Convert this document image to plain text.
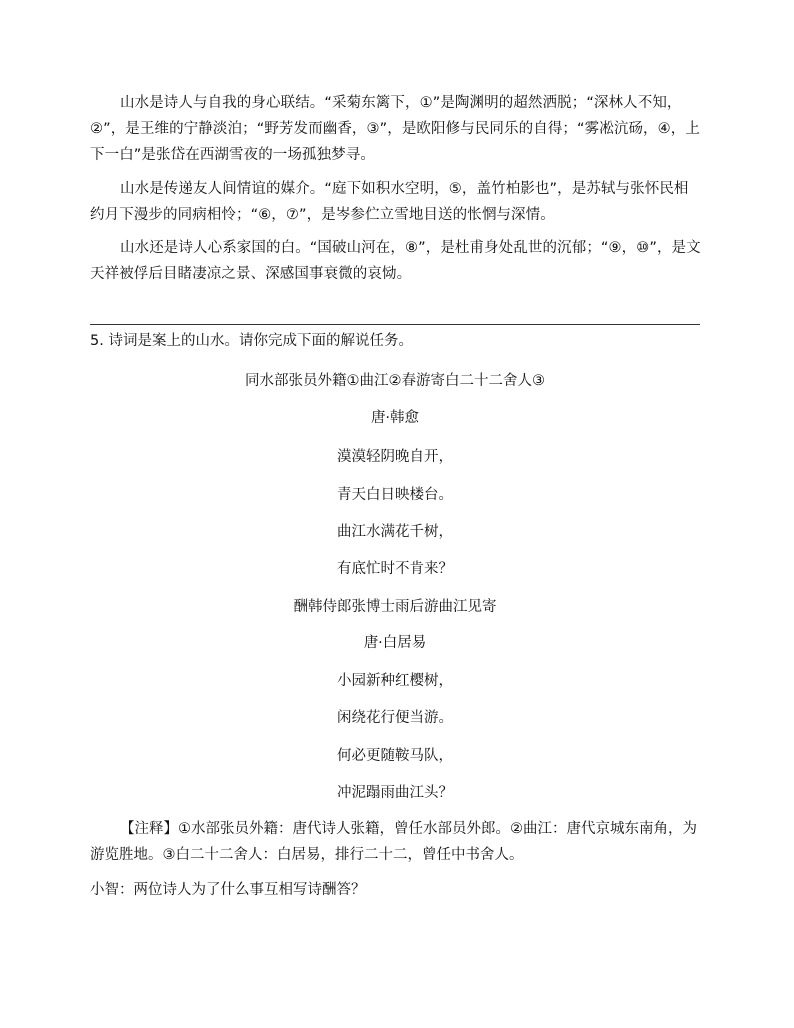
山水是诗人与自我的身心联结。“采菊东篱下，①”是陶渊明的超然洒脱；“深林人不知，②”，是王维的宁静淡泊；“野芳发而幽香，③”，是欧阳修与民同乐的自得；“雾凇沆砀，④，上下一白”是张岱在西湖雪夜的一场孤独梦寻。
山水是传递友人间情谊的媒介。“庭下如积水空明，⑤，盖竹柏影也”，是苏轼与张怀民相约月下漫步的同病相怜；“⑥，⑦”，是岑参伫立雪地目送的怅惘与深情。
山水还是诗人心系家国的白。“国破山河在，⑧”，是杜甫身处乱世的沉郁；“⑨，⑩”，是文天祥被俘后目睹凄凉之景、深感国事衰微的哀恸。
5. 诗词是案上的山水。请你完成下面的解说任务。
同水部张员外籍①曲江②春游寄白二十二舍人③
唐·韩愈
漠漠轻阴晚自开，
青天白日映楼台。
曲江水满花千树，
有底忙时不肯来？
酬韩侍郎张博士雨后游曲江见寄
唐·白居易
小园新种红樱树，
闲绕花行便当游。
何必更随鞍马队，
冲泥蹋雨曲江头？
【注释】①水部张员外籍：唐代诗人张籍，曾任水部员外郎。②曲江：唐代京城东南角，为游览胜地。③白二十二舍人：白居易，排行二十二，曾任中书舍人。
小智：两位诗人为了什么事互相写诗酬答？
